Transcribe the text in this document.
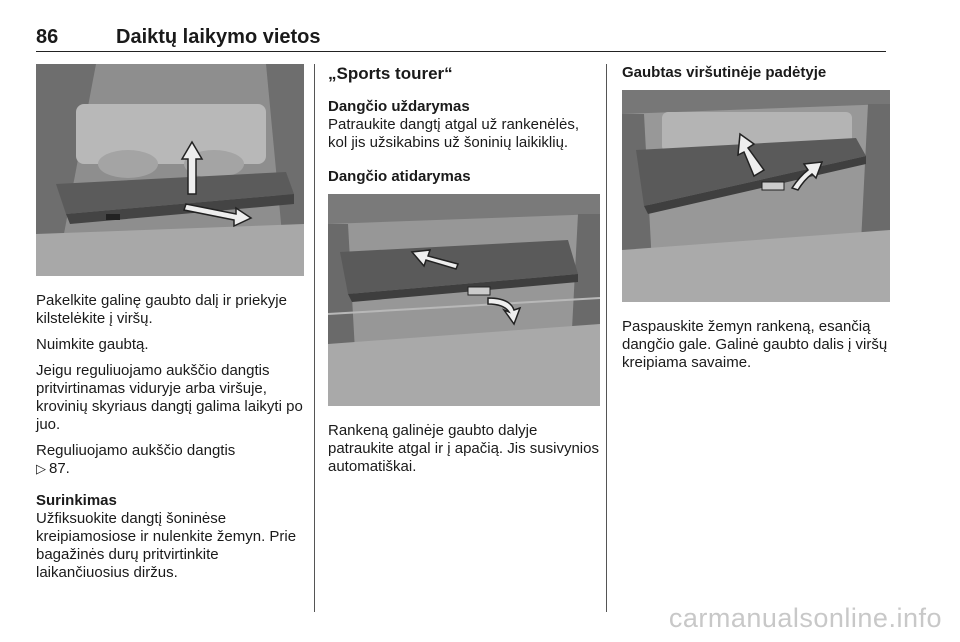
86	Daiktų laikymo vietos
Pakelkite galinę gaubto dalį ir priekyje kilstelėkite į viršų.
Nuimkite gaubtą.
Jeigu reguliuojamo aukščio dangtis pritvirtinamas viduryje arba viršuje, krovinių skyriaus dangtį galima laikyti po juo.
Reguliuojamo aukščio dangtis
▷ 87.
Surinkimas
Užfiksuokite dangtį šoninėse kreipiamosiose ir nulenkite žemyn. Prie bagažinės durų pritvirtinkite laikančiuosius diržus.
„Sports tourer“
Dangčio uždarymas
Patraukite dangtį atgal už rankenėlės, kol jis užsikabins už šoninių laikiklių.
Dangčio atidarymas
Rankeną galinėje gaubto dalyje patraukite atgal ir į apačią. Jis susivynios automatiškai.
Gaubtas viršutinėje padėtyje
Paspauskite žemyn rankeną, esančią dangčio gale. Galinė gaubto dalis į viršų kreipiama savaime.
carmanualsonline.info
